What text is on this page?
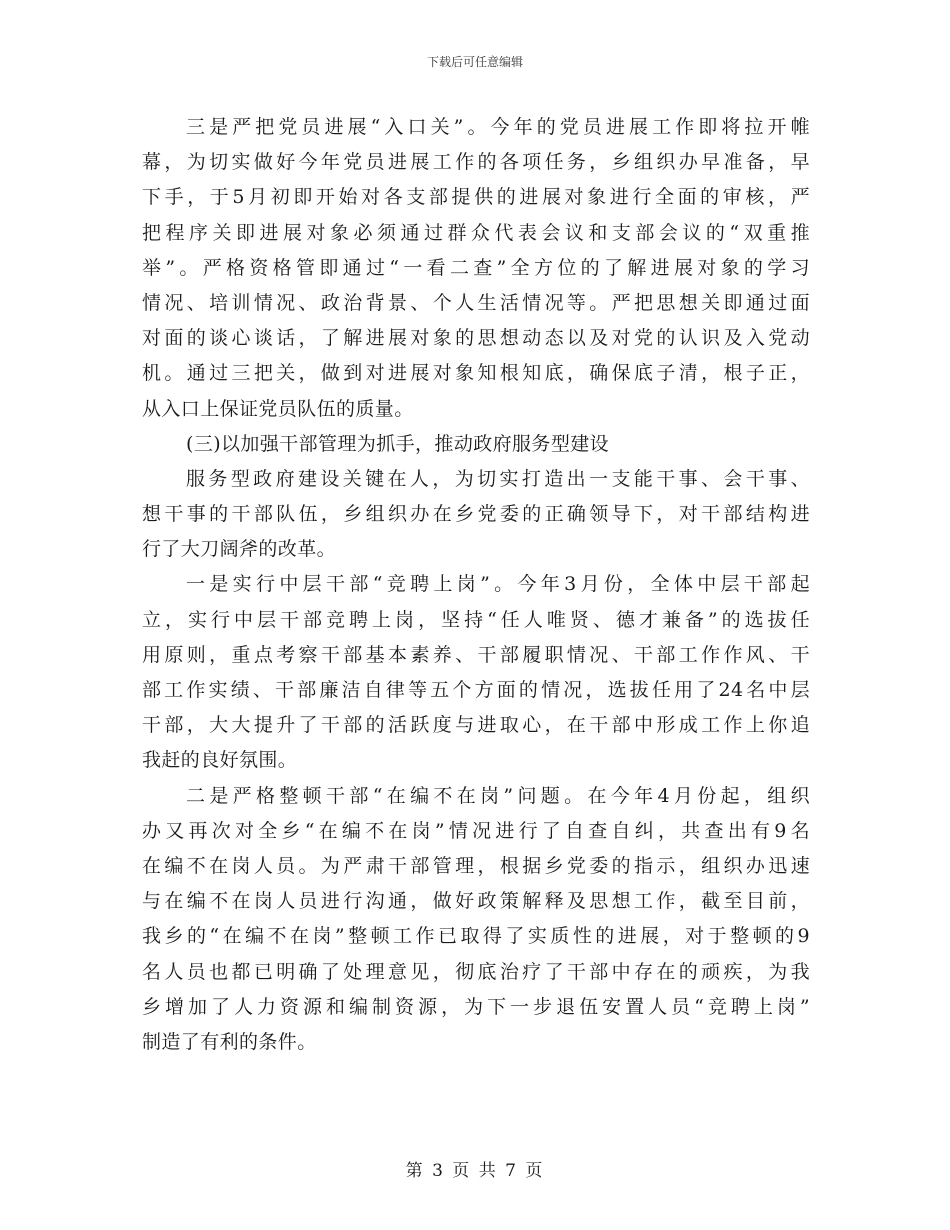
下载后可任意编辑
三是严把党员进展“入口关”。今年的党员进展工作即将拉开帷
幕，为切实做好今年党员进展工作的各项任务，乡组织办早准备，早
下手，于5月初即开始对各支部提供的进展对象进行全面的审核，严
把程序关即进展对象必须通过群众代表会议和支部会议的“双重推
举”。严格资格管即通过“一看二查”全方位的了解进展对象的学习
情况、培训情况、政治背景、个人生活情况等。严把思想关即通过面
对面的谈心谈话，了解进展对象的思想动态以及对党的认识及入党动
机。通过三把关，做到对进展对象知根知底，确保底子清，根子正，
从入口上保证党员队伍的质量。
(三)以加强干部管理为抓手，推动政府服务型建设
服务型政府建设关键在人，为切实打造出一支能干事、会干事、
想干事的干部队伍，乡组织办在乡党委的正确领导下，对干部结构进
行了大刀阔斧的改革。
一是实行中层干部“竞聘上岗”。今年3月份，全体中层干部起
立，实行中层干部竞聘上岗，坚持“任人唯贤、德才兼备”的选拔任
用原则，重点考察干部基本素养、干部履职情况、干部工作作风、干
部工作实绩、干部廉洁自律等五个方面的情况，选拔任用了24名中层
干部，大大提升了干部的活跃度与进取心，在干部中形成工作上你追
我赶的良好氛围。
二是严格整顿干部“在编不在岗”问题。在今年4月份起，组织
办又再次对全乡“在编不在岗”情况进行了自查自纠，共查出有9名
在编不在岗人员。为严肃干部管理，根据乡党委的指示，组织办迅速
与在编不在岗人员进行沟通，做好政策解释及思想工作，截至目前，
我乡的“在编不在岗”整顿工作已取得了实质性的进展，对于整顿的9
名人员也都已明确了处理意见，彻底治疗了干部中存在的顽疾，为我
乡增加了人力资源和编制资源，为下一步退伍安置人员“竞聘上岗”
制造了有利的条件。
第 3 页 共 7 页
